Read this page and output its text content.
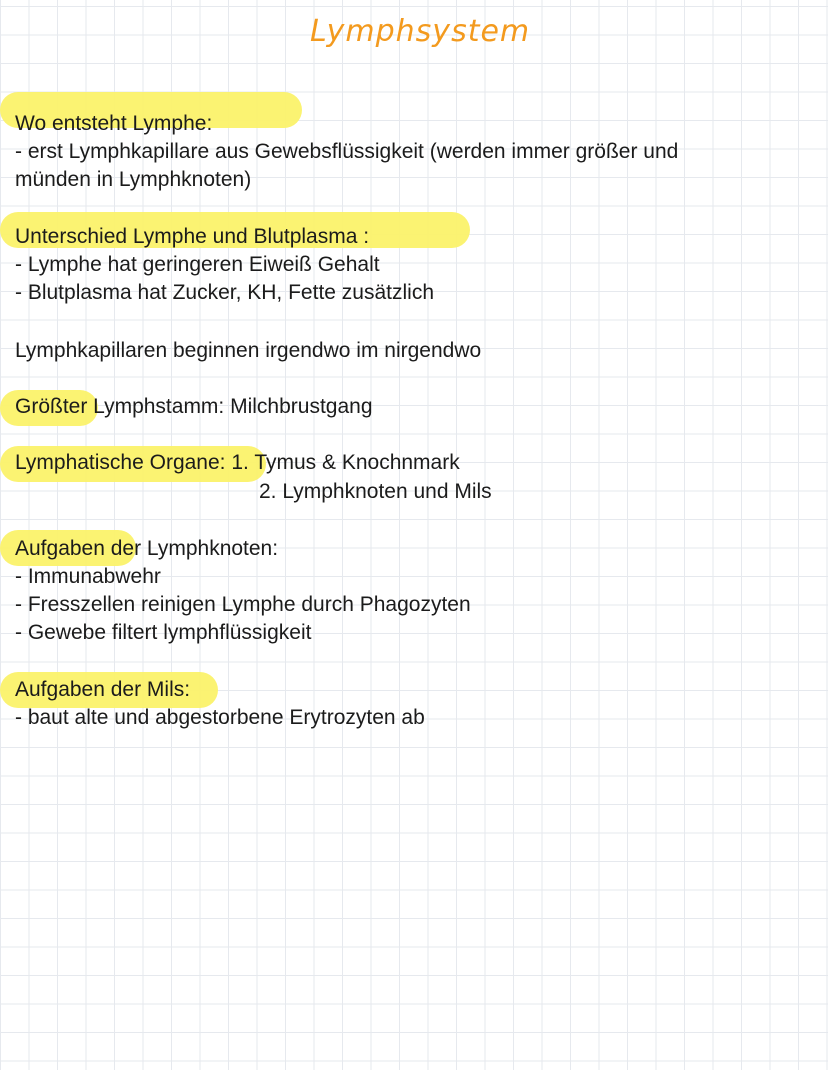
Lymphsystem
Wo entsteht Lymphe:
- erst Lymphkapillare aus Gewebsflüssigkeit (werden immer größer und
münden in Lymphknoten)
Unterschied Lymphe und Blutplasma :
- Lymphe hat geringeren Eiweiß Gehalt
- Blutplasma hat Zucker, KH, Fette zusätzlich
Lymphkapillaren beginnen irgendwo im nirgendwo
Größter Lymphstamm: Milchbrustgang
Lymphatische Organe: 1. Tymus & Knochnmark
2. Lymphknoten und Mils
Aufgaben der Lymphknoten:
- Immunabwehr
- Fresszellen reinigen Lymphe durch Phagozyten
- Gewebe filtert lymphflüssigkeit
Aufgaben der Mils:
- baut alte und abgestorbene Erytrozyten ab
